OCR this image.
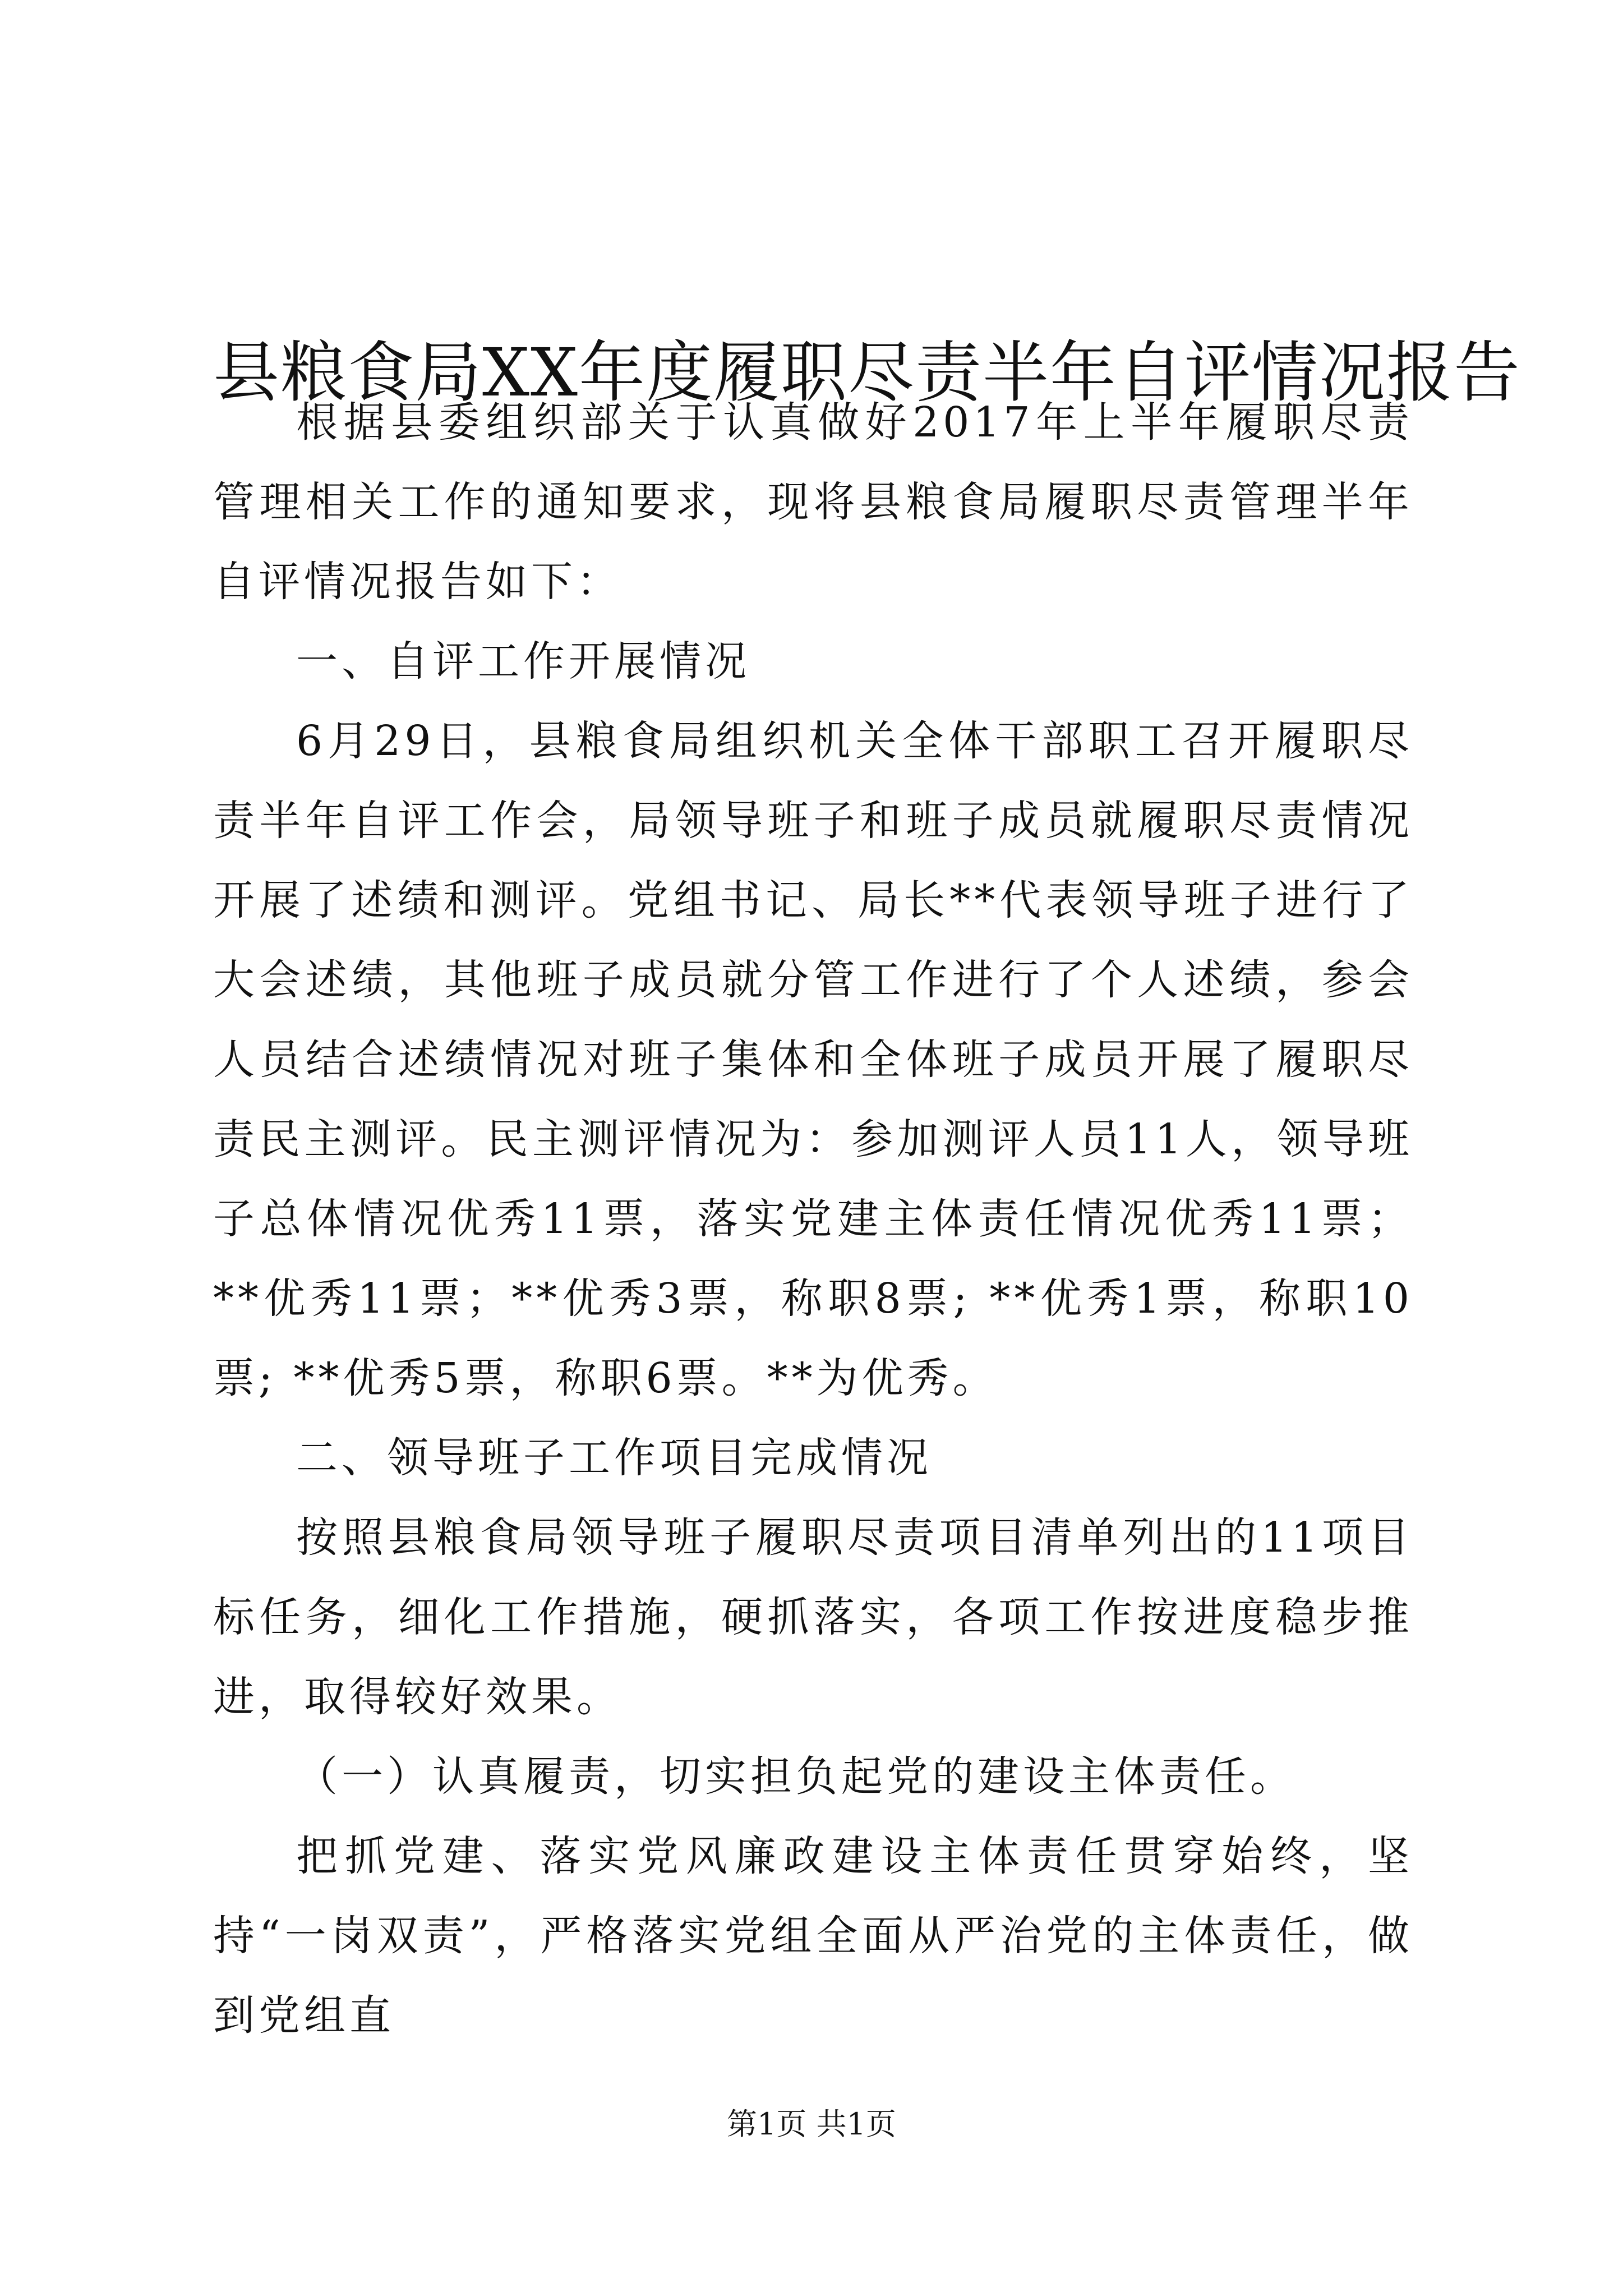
县粮食局XX年度履职尽责半年自评情况报告

根据县委组织部关于认真做好2017年上半年履职尽责管理相关工作的通知要求，现将县粮食局履职尽责管理半年自评情况报告如下：

一、自评工作开展情况

6月29日，县粮食局组织机关全体干部职工召开履职尽责半年自评工作会，局领导班子和班子成员就履职尽责情况开展了述绩和测评。党组书记、局长**代表领导班子进行了大会述绩，其他班子成员就分管工作进行了个人述绩，参会人员结合述绩情况对班子集体和全体班子成员开展了履职尽责民主测评。民主测评情况为：参加测评人员11人，领导班子总体情况优秀11票，落实党建主体责任情况优秀11票；**优秀11票；**优秀3票，称职8票; **优秀1票，称职10票; **优秀5票，称职6票。**为优秀。

二、领导班子工作项目完成情况

按照县粮食局领导班子履职尽责项目清单列出的11项目标任务，细化工作措施，硬抓落实，各项工作按进度稳步推进，取得较好效果。

（一）认真履责，切实担负起党的建设主体责任。

把抓党建、落实党风廉政建设主体责任贯穿始终，坚持“一岗双责”，严格落实党组全面从严治党的主体责任，做到党组直

第1页 共1页
